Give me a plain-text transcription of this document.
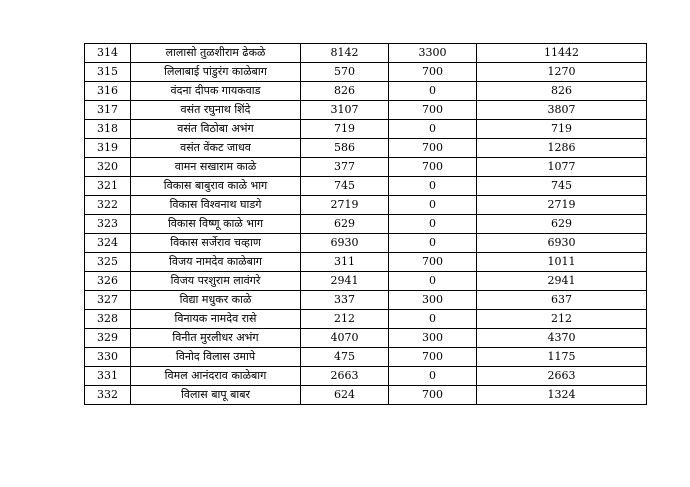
314	लालासो तुळशीराम ढेकळे	8142	3300	11442
315	लिलाबाई पांडुरंग काळेबाग	570	700	1270
316	वंदना दीपक गायकवाड	826	0	826
317	वसंत रघुनाथ शिंदे	3107	700	3807
318	वसंत विठोबा अभंग	719	0	719
319	वसंत वेंकट जाधव	586	700	1286
320	वामन सखाराम काळे	377	700	1077
321	विकास बाबुराव काळे भाग	745	0	745
322	विकास विश्वनाथ घाडगे	2719	0	2719
323	विकास विष्णू काळे भाग	629	0	629
324	विकास सर्जेराव चव्हाण	6930	0	6930
325	विजय नामदेव काळेबाग	311	700	1011
326	विजय परशुराम लावंगरे	2941	0	2941
327	विद्या मधुकर काळे	337	300	637
328	विनायक नामदेव रासे	212	0	212
329	विनीत मुरलीधर अभंग	4070	300	4370
330	विनोद विलास उमापे	475	700	1175
331	विमल आनंदराव काळेबाग	2663	0	2663
332	विलास बापू बाबर	624	700	1324
